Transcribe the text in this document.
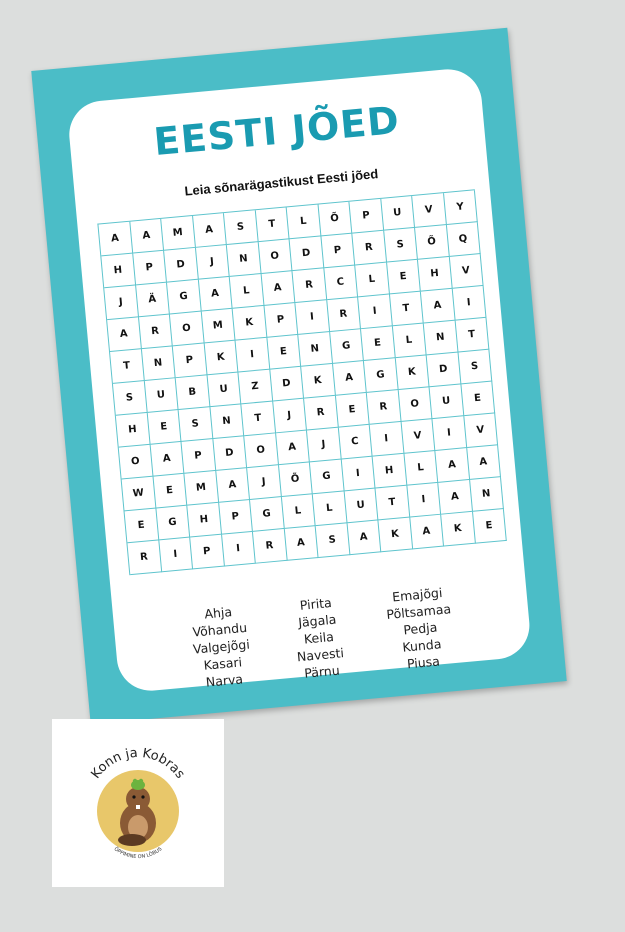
EESTI JÕED
Leia sõnarägastikust Eesti jõed
A	A	M	A	S	T	L	Õ	P	U	V	Y
H	P	D	J	N	O	D	P	R	S	Õ	Q
J	Ä	G	A	L	A	R	C	L	E	H	V
A	R	O	M	K	P	I	R	I	T	A	I
T	N	P	K	I	E	N	G	E	L	N	T
S	U	B	U	Z	D	K	A	G	K	D	S
H	E	S	N	T	J	R	E	R	O	U	E
O	A	P	D	O	A	J	C	I	V	I	V
W	E	M	A	J	Õ	G	I	H	L	A	A
E	G	H	P	G	L	L	U	T	I	A	N
R	I	P	I	R	A	S	A	K	A	K	E
Ahja
Võhandu
Valgejõgi
Kasari
Narva
Pirita
Jägala
Keila
Navesti
Pärnu
Emajõgi
Põltsamaa
Pedja
Kunda
Piusa
Konn ja Kobras
ÕPPIMINE ON LÕBUS
